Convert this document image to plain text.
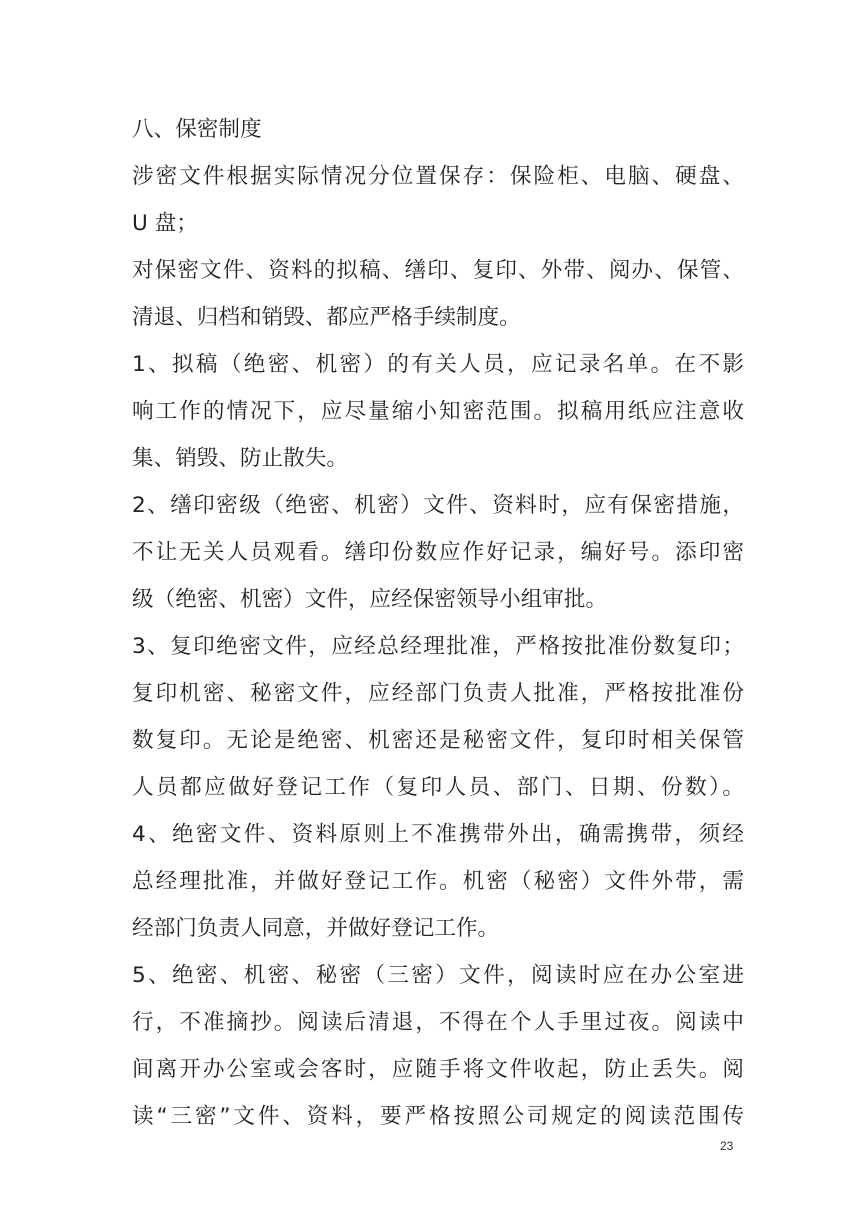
八、保密制度
涉密文件根据实际情况分位置保存：保险柜、电脑、硬盘、
U 盘；
对保密文件、资料的拟稿、缮印、复印、外带、阅办、保管、
清退、归档和销毁、都应严格手续制度。
1、拟稿（绝密、机密）的有关人员，应记录名单。在不影
响工作的情况下，应尽量缩小知密范围。拟稿用纸应注意收
集、销毁、防止散失。
2、缮印密级（绝密、机密）文件、资料时，应有保密措施，
不让无关人员观看。缮印份数应作好记录，编好号。添印密
级（绝密、机密）文件，应经保密领导小组审批。
3、复印绝密文件，应经总经理批准，严格按批准份数复印；
复印机密、秘密文件，应经部门负责人批准，严格按批准份
数复印。无论是绝密、机密还是秘密文件，复印时相关保管
人员都应做好登记工作（复印人员、部门、日期、份数）。
4、绝密文件、资料原则上不准携带外出，确需携带，须经
总经理批准，并做好登记工作。机密（秘密）文件外带，需
经部门负责人同意，并做好登记工作。
5、绝密、机密、秘密（三密）文件，阅读时应在办公室进
行，不准摘抄。阅读后清退，不得在个人手里过夜。阅读中
间离开办公室或会客时，应随手将文件收起，防止丢失。阅
读“三密”文件、资料，要严格按照公司规定的阅读范围传
23
